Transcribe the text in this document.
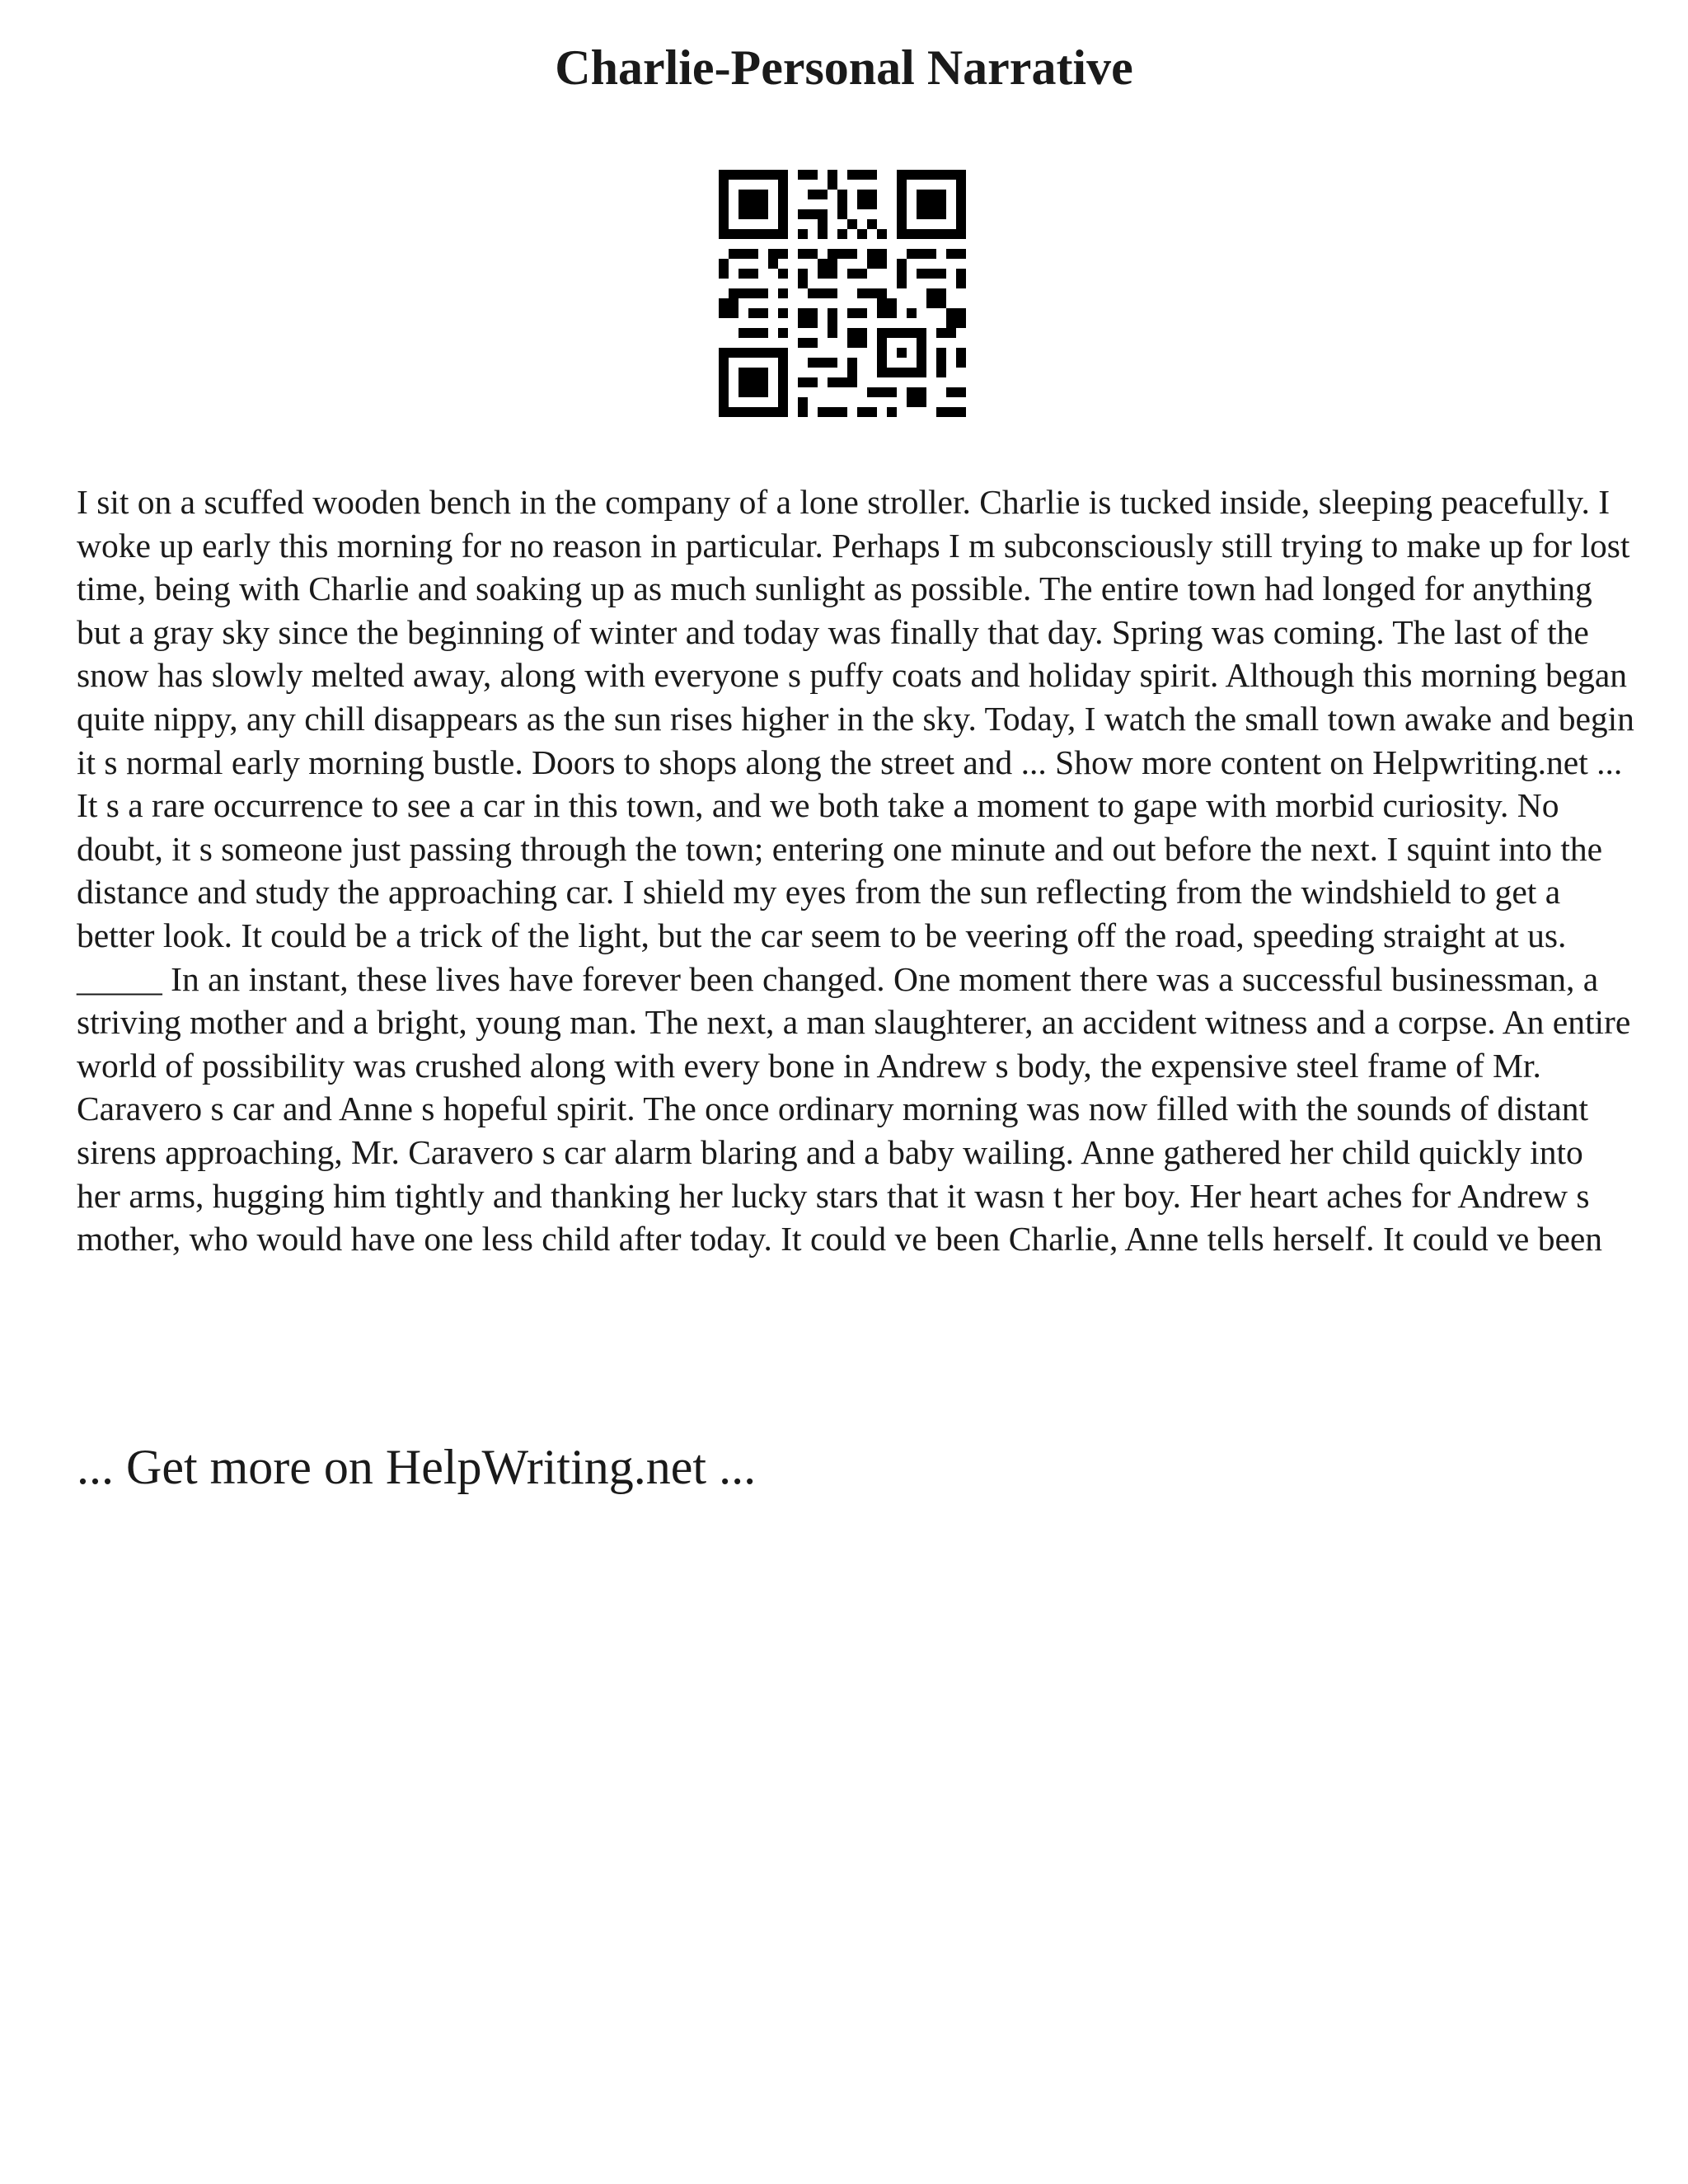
Charlie-Personal Narrative

I sit on a scuffed wooden bench in the company of a lone stroller. Charlie is tucked inside, sleeping peacefully. I woke up early this morning for no reason in particular. Perhaps I m subconsciously still trying to make up for lost time, being with Charlie and soaking up as much sunlight as possible. The entire town had longed for anything but a gray sky since the beginning of winter and today was finally that day. Spring was coming. The last of the snow has slowly melted away, along with everyone s puffy coats and holiday spirit. Although this morning began quite nippy, any chill disappears as the sun rises higher in the sky. Today, I watch the small town awake and begin it s normal early morning bustle. Doors to shops along the street and ... Show more content on Helpwriting.net ...

It s a rare occurrence to see a car in this town, and we both take a moment to gape with morbid curiosity. No doubt, it s someone just passing through the town; entering one minute and out before the next. I squint into the distance and study the approaching car. I shield my eyes from the sun reflecting from the windshield to get a better look. It could be a trick of the light, but the car seem to be veering off the road, speeding straight at us. _____ In an instant, these lives have forever been changed. One moment there was a successful businessman, a striving mother and a bright, young man. The next, a man slaughterer, an accident witness and a corpse. An entire world of possibility was crushed along with every bone in Andrew s body, the expensive steel frame of Mr. Caravero s car and Anne s hopeful spirit. The once ordinary morning was now filled with the sounds of distant sirens approaching, Mr. Caravero s car alarm blaring and a baby wailing. Anne gathered her child quickly into her arms, hugging him tightly and thanking her lucky stars that it wasn t her boy. Her heart aches for Andrew s mother, who would have one less child after today. It could ve been Charlie, Anne tells herself. It could ve been

... Get more on HelpWriting.net ...
